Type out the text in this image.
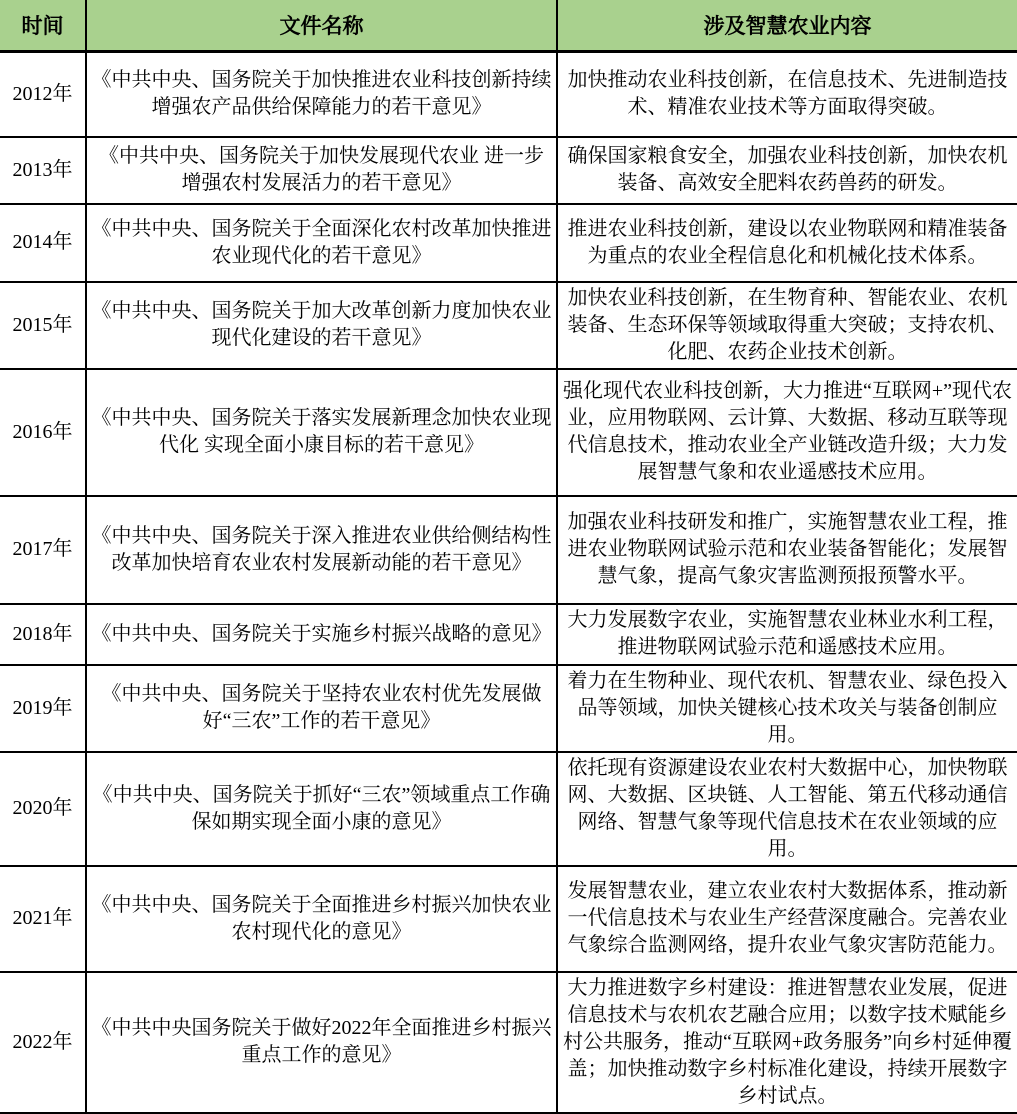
时间	文件名称	涉及智慧农业内容
2012年	《中共中央、国务院关于加快推进农业科技创新持续增强农产品供给保障能力的若干意见》	加快推动农业科技创新，在信息技术、先进制造技术、精准农业技术等方面取得突破。
2013年	《中共中央、国务院关于加快发展现代农业 进一步增强农村发展活力的若干意见》	确保国家粮食安全，加强农业科技创新，加快农机装备、高效安全肥料农药兽药的研发。
2014年	《中共中央、国务院关于全面深化农村改革加快推进农业现代化的若干意见》	推进农业科技创新，建设以农业物联网和精准装备为重点的农业全程信息化和机械化技术体系。
2015年	《中共中央、国务院关于加大改革创新力度加快农业现代化建设的若干意见》	加快农业科技创新，在生物育种、智能农业、农机装备、生态环保等领域取得重大突破；支持农机、化肥、农药企业技术创新。
2016年	《中共中央、国务院关于落实发展新理念加快农业现代化 实现全面小康目标的若干意见》	强化现代农业科技创新，大力推进“互联网+”现代农业，应用物联网、云计算、大数据、移动互联等现代信息技术，推动农业全产业链改造升级；大力发展智慧气象和农业遥感技术应用。
2017年	《中共中央、国务院关于深入推进农业供给侧结构性改革加快培育农业农村发展新动能的若干意见》	加强农业科技研发和推广，实施智慧农业工程，推进农业物联网试验示范和农业装备智能化；发展智慧气象，提高气象灾害监测预报预警水平。
2018年	《中共中央、国务院关于实施乡村振兴战略的意见》	大力发展数字农业，实施智慧农业林业水利工程，推进物联网试验示范和遥感技术应用。
2019年	《中共中央、国务院关于坚持农业农村优先发展做好“三农”工作的若干意见》	着力在生物种业、现代农机、智慧农业、绿色投入品等领域，加快关键核心技术攻关与装备创制应用。
2020年	《中共中央、国务院关于抓好“三农”领域重点工作确保如期实现全面小康的意见》	依托现有资源建设农业农村大数据中心，加快物联网、大数据、区块链、人工智能、第五代移动通信网络、智慧气象等现代信息技术在农业领域的应用。
2021年	《中共中央、国务院关于全面推进乡村振兴加快农业农村现代化的意见》	发展智慧农业，建立农业农村大数据体系，推动新一代信息技术与农业生产经营深度融合。完善农业气象综合监测网络，提升农业气象灾害防范能力。
2022年	《中共中央国务院关于做好2022年全面推进乡村振兴重点工作的意见》	大力推进数字乡村建设：推进智慧农业发展，促进信息技术与农机农艺融合应用；以数字技术赋能乡村公共服务，推动“互联网+政务服务”向乡村延伸覆盖；加快推动数字乡村标准化建设，持续开展数字乡村试点。
